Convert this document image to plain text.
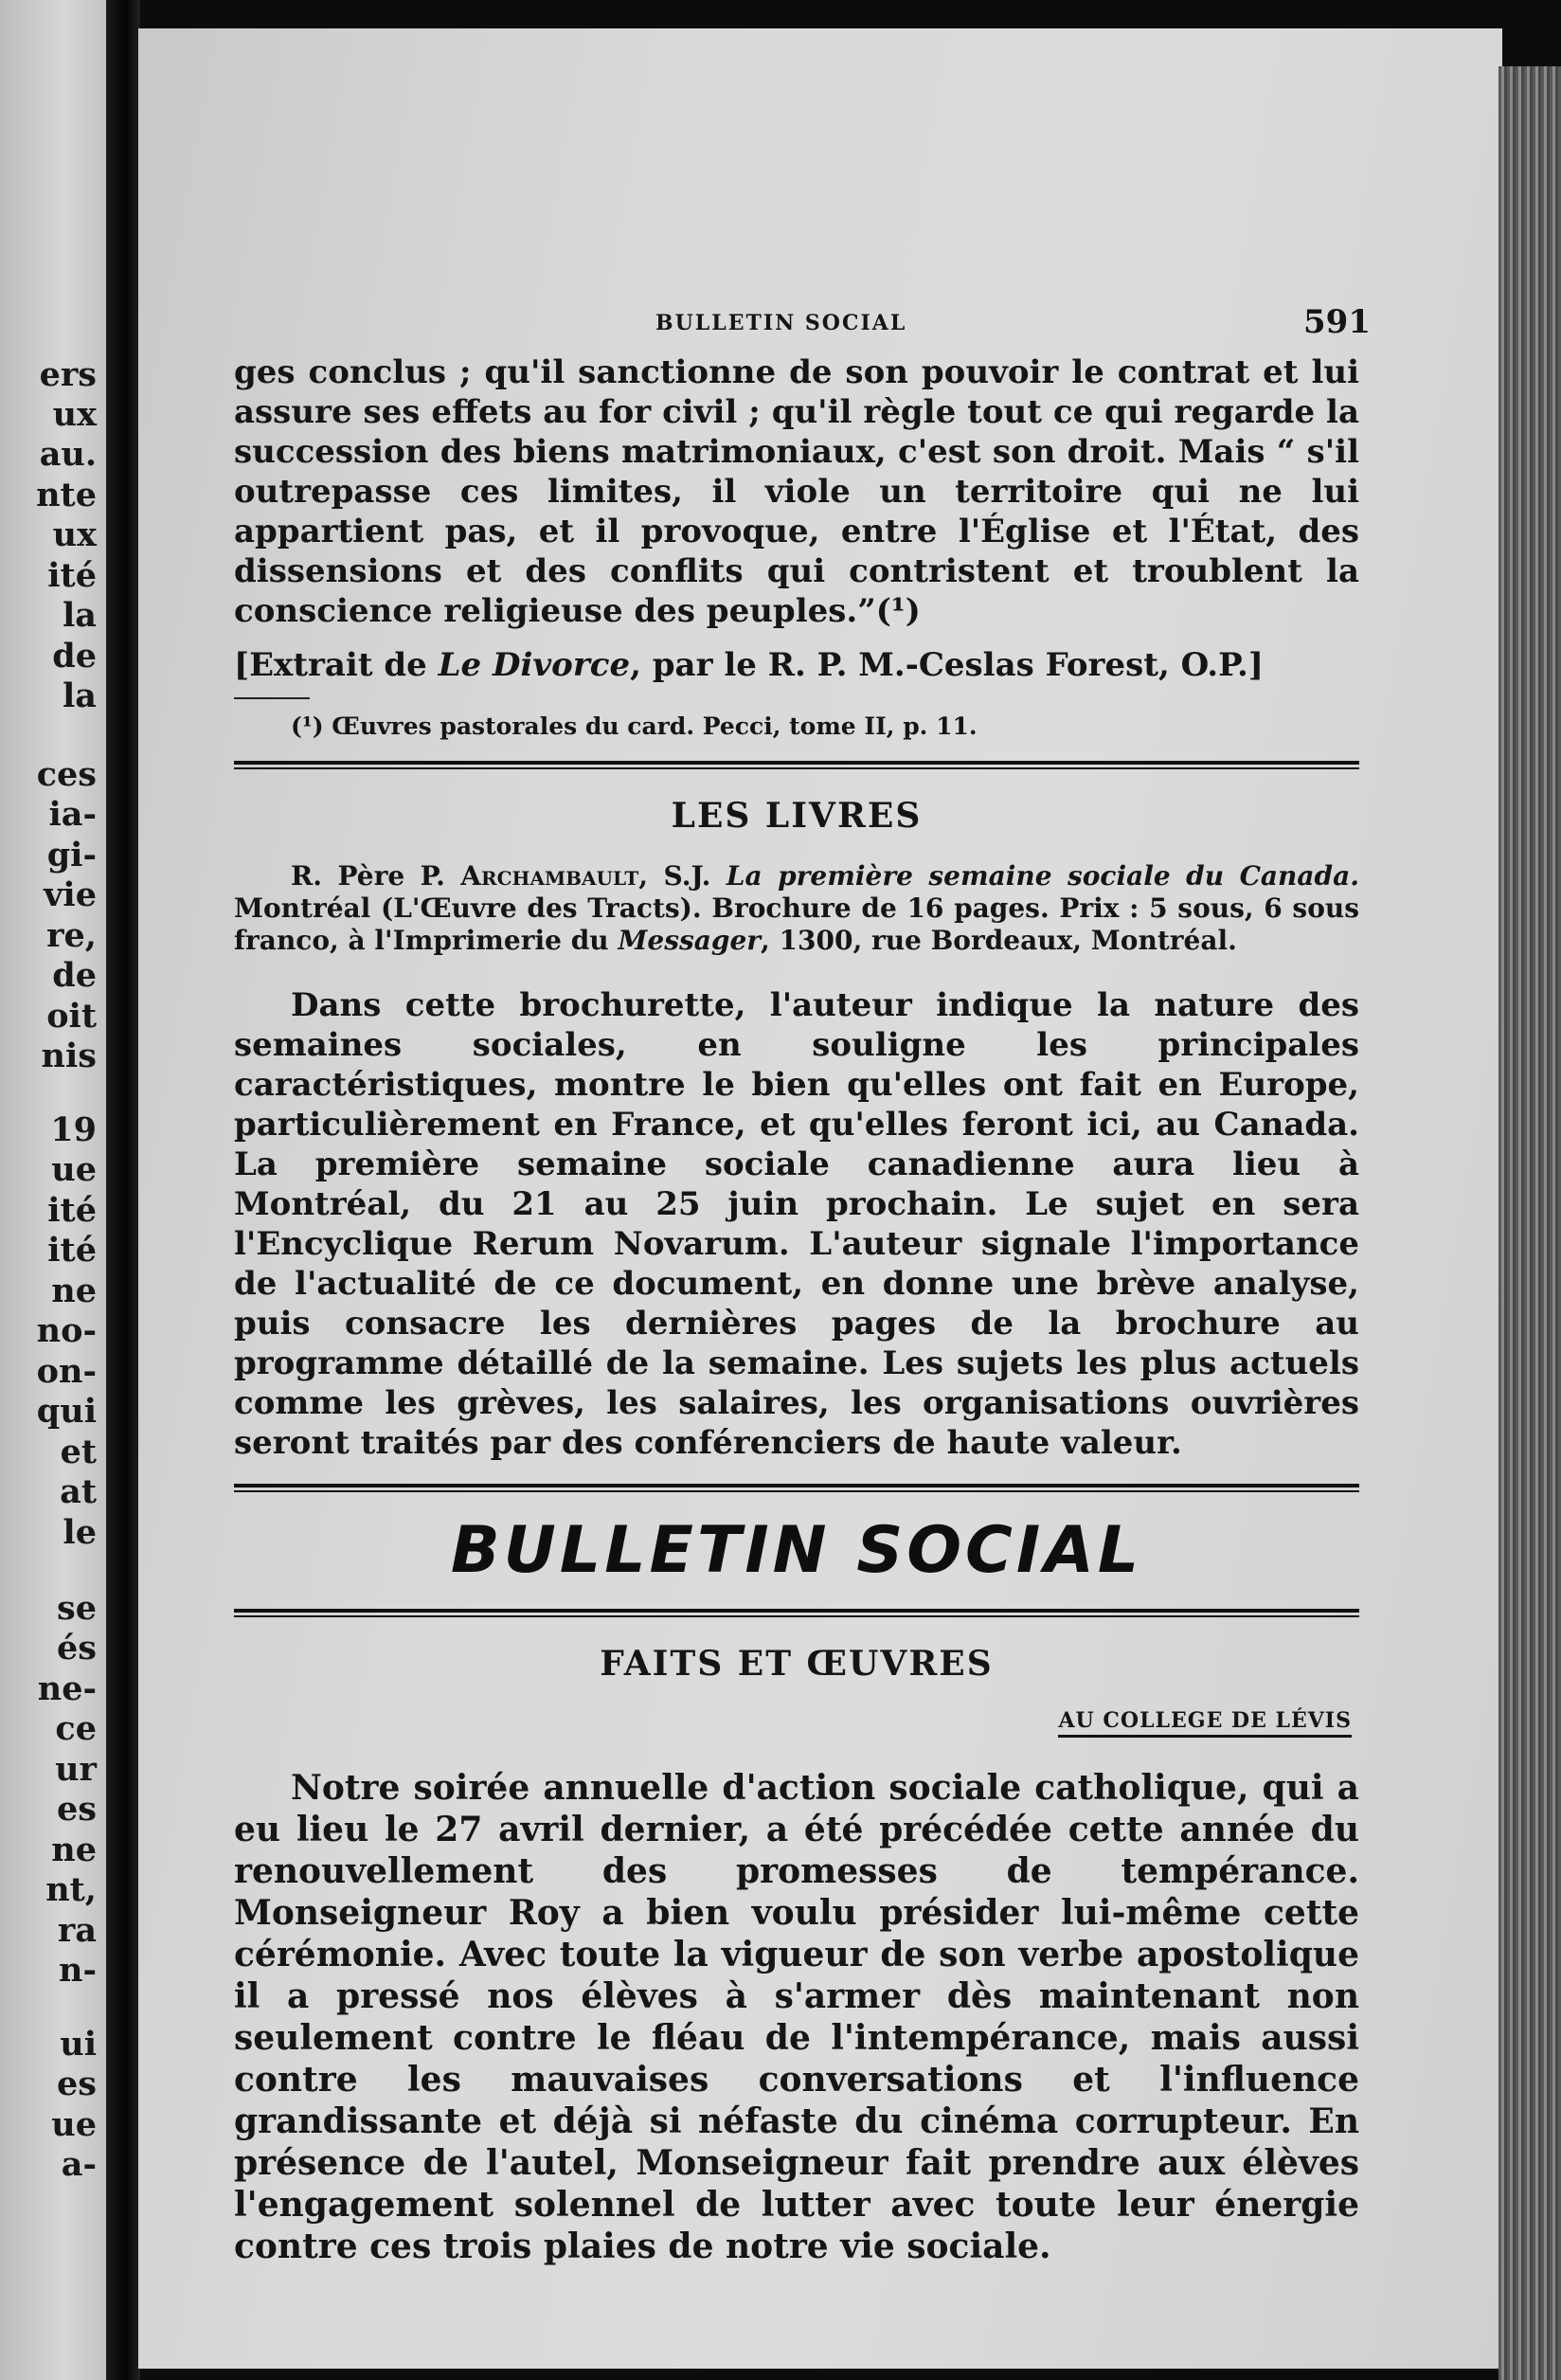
ers
ux
au.
nte
ux
ité
la
de
la
ces
ia-
gi-
vie
re,
de
oit
nis
19
ue
ité
ité
ne
no-
on-
qui
et
at
le
se
és
ne-
ce
ur
es
ne
nt,
ra
n-
ui
es
ue
a-
BULLETIN SOCIAL	591

ges conclus ; qu'il sanctionne de son pouvoir le contrat et lui assure ses effets au for civil ; qu'il règle tout ce qui regarde la succession des biens matrimoniaux, c'est son droit. Mais “ s'il outrepasse ces limites, il viole un territoire qui ne lui appartient pas, et il provoque, entre l'Église et l'État, des dissensions et des conflits qui contristent et troublent la conscience religieuse des peuples.”(¹)

[Extrait de Le Divorce, par le R. P. M.-Ceslas Forest, O.P.]
(¹) Œuvres pastorales du card. Pecci, tome II, p. 11.
LES LIVRES
R. Père P. Archambault, S.J. La première semaine sociale du Canada. Montréal (L'Œuvre des Tracts). Brochure de 16 pages. Prix : 5 sous, 6 sous franco, à l'Imprimerie du Messager, 1300, rue Bordeaux, Montréal.

Dans cette brochurette, l'auteur indique la nature des semaines sociales, en souligne les principales caractéristiques, montre le bien qu'elles ont fait en Europe, particulièrement en France, et qu'elles feront ici, au Canada. La première semaine sociale canadienne aura lieu à Montréal, du 21 au 25 juin prochain. Le sujet en sera l'Encyclique Rerum Novarum. L'auteur signale l'importance de l'actualité de ce document, en donne une brève analyse, puis consacre les dernières pages de la brochure au programme détaillé de la semaine. Les sujets les plus actuels comme les grèves, les salaires, les organisations ouvrières seront traités par des conférenciers de haute valeur.

BULLETIN SOCIAL
FAITS ET ŒUVRES
AU COLLEGE DE LÉVIS

Notre soirée annuelle d'action sociale catholique, qui a eu lieu le 27 avril dernier, a été précédée cette année du renouvellement des promesses de tempérance. Monseigneur Roy a bien voulu présider lui-même cette cérémonie. Avec toute la vigueur de son verbe apostolique il a pressé nos élèves à s'armer dès maintenant non seulement contre le fléau de l'intempérance, mais aussi contre les mauvaises conversations et l'influence grandissante et déjà si néfaste du cinéma corrupteur. En présence de l'autel, Monseigneur fait prendre aux élèves l'engagement solennel de lutter avec toute leur énergie contre ces trois plaies de notre vie sociale.
